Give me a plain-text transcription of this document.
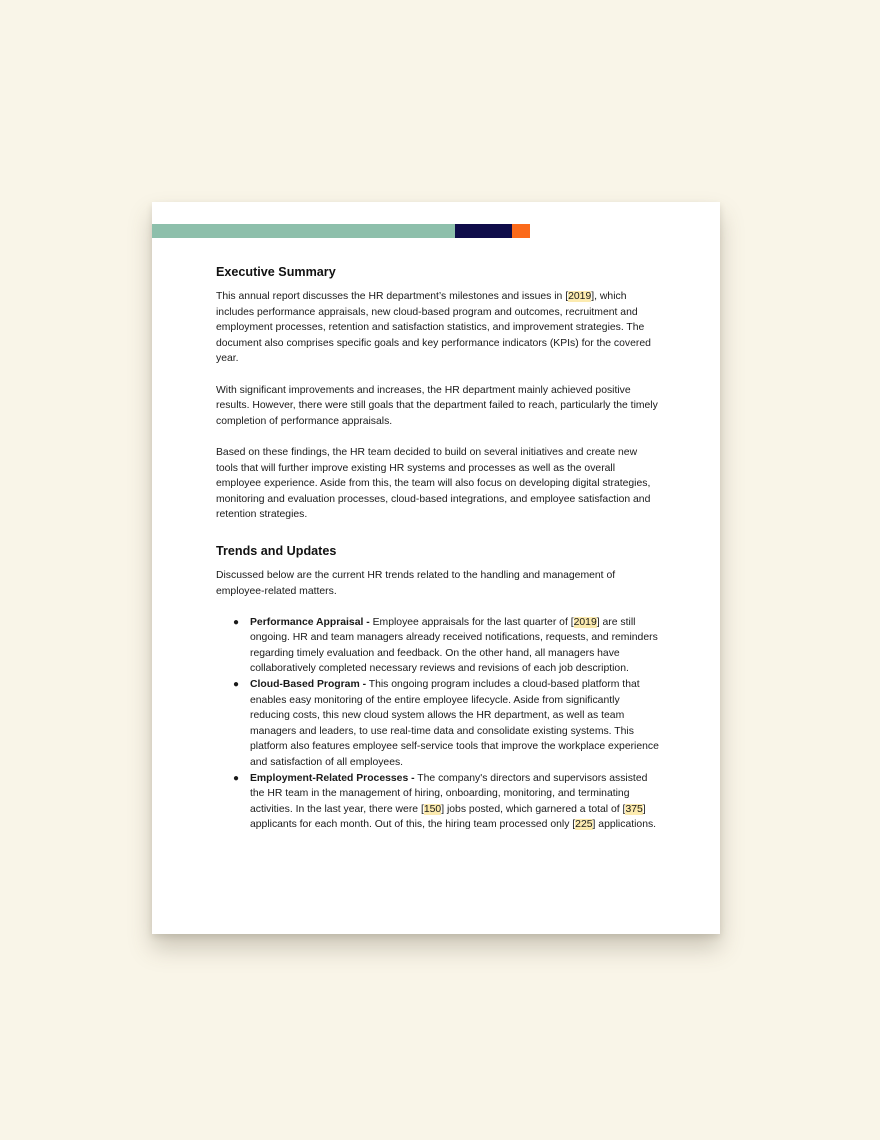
Executive Summary

This annual report discusses the HR department’s milestones and issues in [2019], which includes performance appraisals, new cloud-based program and outcomes, recruitment and employment processes, retention and satisfaction statistics, and improvement strategies. The document also comprises specific goals and key performance indicators (KPIs) for the covered year.

With significant improvements and increases, the HR department mainly achieved positive results. However, there were still goals that the department failed to reach, particularly the timely completion of performance appraisals.

Based on these findings, the HR team decided to build on several initiatives and create new tools that will further improve existing HR systems and processes as well as the overall employee experience. Aside from this, the team will also focus on developing digital strategies, monitoring and evaluation processes, cloud-based integrations, and employee satisfaction and retention strategies.

Trends and Updates

Discussed below are the current HR trends related to the handling and management of employee-related matters.

● Performance Appraisal - Employee appraisals for the last quarter of [2019] are still ongoing. HR and team managers already received notifications, requests, and reminders regarding timely evaluation and feedback. On the other hand, all managers have collaboratively completed necessary reviews and revisions of each job description.
● Cloud-Based Program - This ongoing program includes a cloud-based platform that enables easy monitoring of the entire employee lifecycle. Aside from significantly reducing costs, this new cloud system allows the HR department, as well as team managers and leaders, to use real-time data and consolidate existing systems. This platform also features employee self-service tools that improve the workplace experience and satisfaction of all employees.
● Employment-Related Processes - The company's directors and supervisors assisted the HR team in the management of hiring, onboarding, monitoring, and terminating activities. In the last year, there were [150] jobs posted, which garnered a total of [375] applicants for each month. Out of this, the hiring team processed only [225] applications.
